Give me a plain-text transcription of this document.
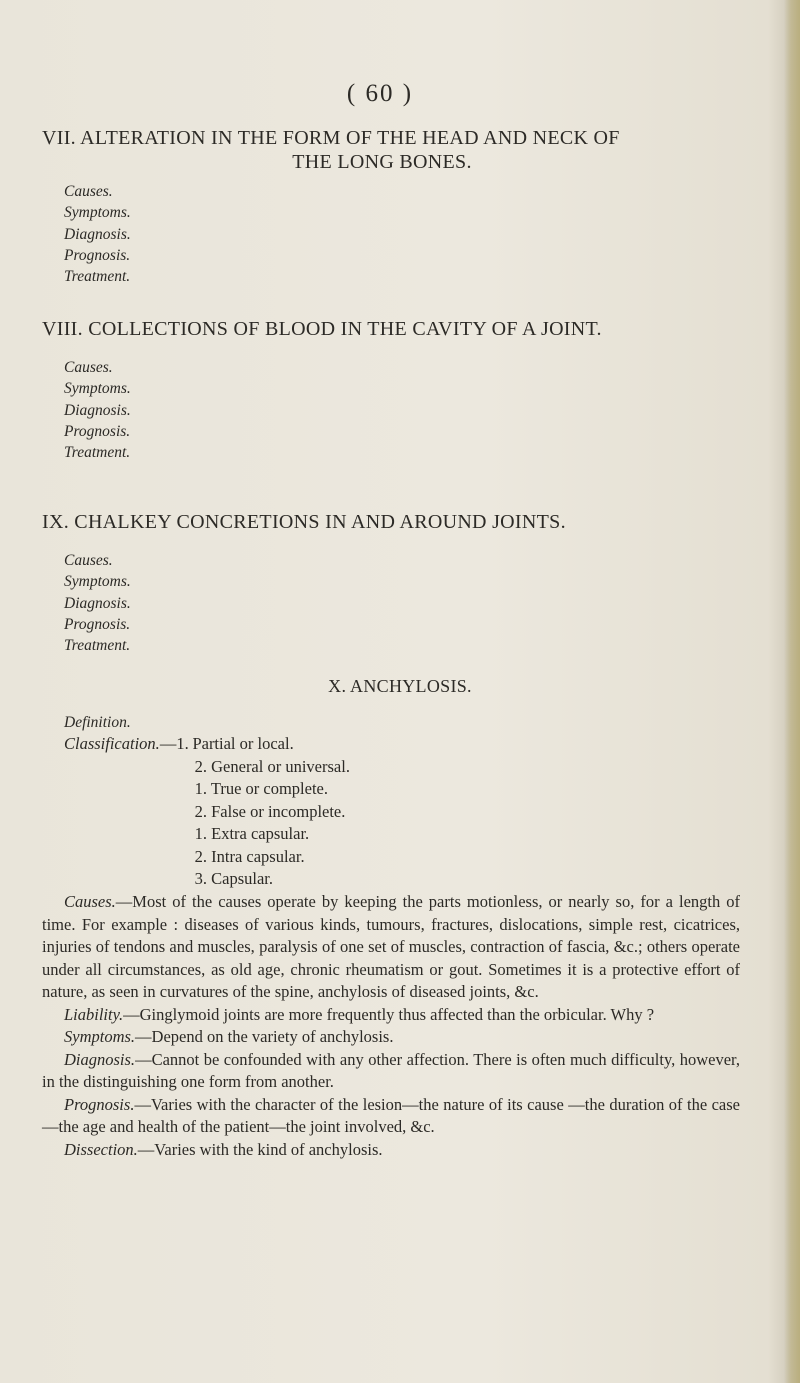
( 60 )
VII. ALTERATION IN THE FORM OF THE HEAD AND NECK OF
THE LONG BONES.
Causes.
Symptoms.
Diagnosis.
Prognosis.
Treatment.
VIII. COLLECTIONS OF BLOOD IN THE CAVITY OF A JOINT.
Causes.
Symptoms.
Diagnosis.
Prognosis.
Treatment.
IX. CHALKEY CONCRETIONS IN AND AROUND JOINTS.
Causes.
Symptoms.
Diagnosis.
Prognosis.
Treatment.
X. ANCHYLOSIS.
Definition.
Classification.—1. Partial or local.
2. General or universal.
1. True or complete.
2. False or incomplete.
1. Extra capsular.
2. Intra capsular.
3. Capsular.

Causes.—Most of the causes operate by keeping the parts motionless, or nearly so, for a length of time. For example : diseases of various kinds, tumours, fractures, dislocations, simple rest, cicatrices, injuries of tendons and muscles, paralysis of one set of muscles, contraction of fascia, &c.; others operate under all circumstances, as old age, chronic rheumatism or gout. Sometimes it is a protective effort of nature, as seen in curvatures of the spine, anchylosis of diseased joints, &c.

Liability.—Ginglymoid joints are more frequently thus affected than the orbicular. Why ?

Symptoms.—Depend on the variety of anchylosis.

Diagnosis.—Cannot be confounded with any other affection. There is often much difficulty, however, in the distinguishing one form from another.

Prognosis.—Varies with the character of the lesion—the nature of its cause —the duration of the case—the age and health of the patient—the joint involved, &c.

Dissection.—Varies with the kind of anchylosis.
